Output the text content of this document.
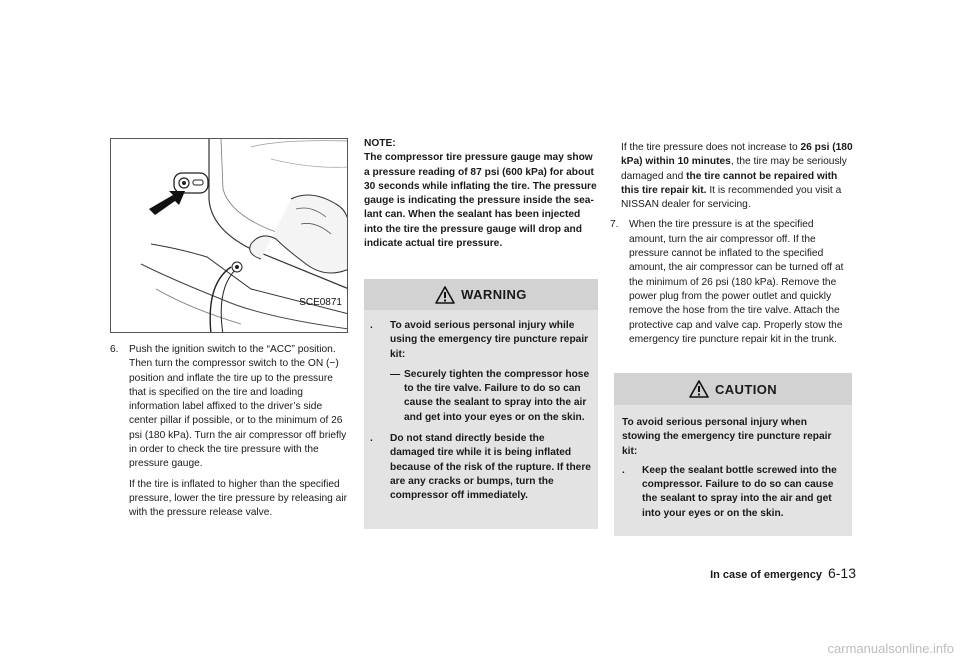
SCE0871
6. Push the ignition switch to the “ACC” position. Then turn the compressor switch to the ON (−) position and inflate the tire up to the pressure that is specified on the tire and loading information label affixed to the driver’s side center pillar if possible, or to the minimum of 26 psi (180 kPa). Turn the air compressor off briefly in order to check the tire pressure with the pressure gauge.
If the tire is inflated to higher than the specified pressure, lower the tire pressure by releasing air with the pressure release valve.
NOTE:
The compressor tire pressure gauge may show a pressure reading of 87 psi (600 kPa) for about 30 seconds while inflating the tire. The pressure gauge is indicating the pressure inside the sea-lant can. When the sealant has been injected into the tire the pressure gauge will drop and indicate actual tire pressure.
WARNING
. To avoid serious personal injury while using the emergency tire puncture repair kit:
— Securely tighten the compressor hose to the tire valve. Failure to do so can cause the sealant to spray into the air and get into your eyes or on the skin.
. Do not stand directly beside the damaged tire while it is being inflated because of the risk of the rupture. If there are any cracks or bumps, turn the compressor off immediately.
If the tire pressure does not increase to 26 psi (180 kPa) within 10 minutes, the tire may be seriously damaged and the tire cannot be repaired with this tire repair kit. It is recommended you visit a NISSAN dealer for servicing.
7. When the tire pressure is at the specified amount, turn the air compressor off. If the pressure cannot be inflated to the specified amount, the air compressor can be turned off at the minimum of 26 psi (180 kPa). Remove the power plug from the power outlet and quickly remove the hose from the tire valve. Attach the protective cap and valve cap. Properly stow the emergency tire puncture repair kit in the trunk.
CAUTION
To avoid serious personal injury when stowing the emergency tire puncture repair kit:
. Keep the sealant bottle screwed into the compressor. Failure to do so can cause the sealant to spray into the air and get into your eyes or on the skin.
In case of emergency 6-13
carmanualsonline.info
